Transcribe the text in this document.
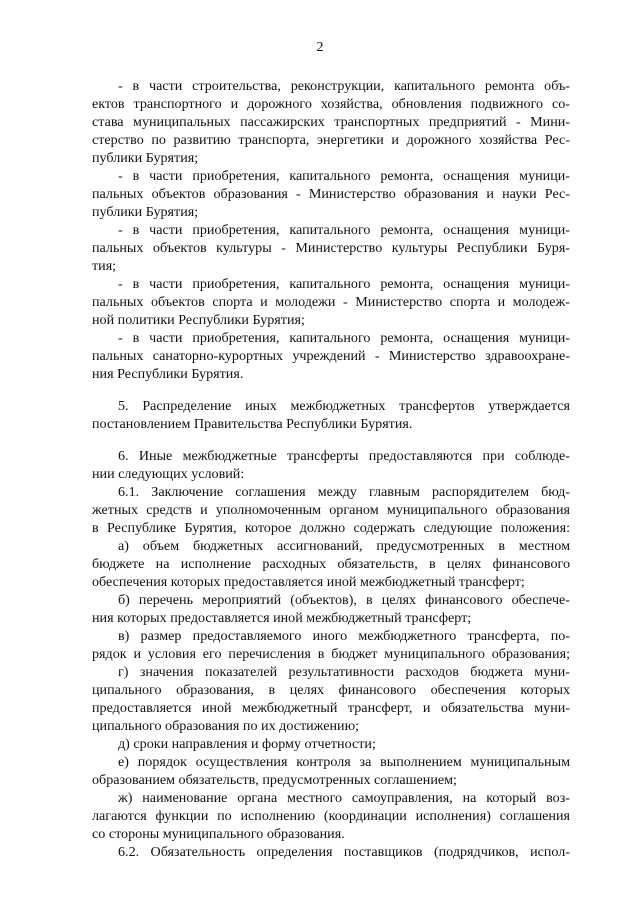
2
- в части строительства, реконструкции, капитального ремонта объ-
ектов транспортного и дорожного хозяйства, обновления подвижного со-
става муниципальных пассажирских транспортных предприятий - Мини-
стерство по развитию транспорта, энергетики и дорожного хозяйства Рес-
публики Бурятия;
- в части приобретения, капитального ремонта, оснащения муници-
пальных объектов образования - Министерство образования и науки Рес-
публики Бурятия;
- в части приобретения, капитального ремонта, оснащения муници-
пальных объектов культуры - Министерство культуры Республики Буря-
тия;
- в части приобретения, капитального ремонта, оснащения муници-
пальных объектов спорта и молодежи - Министерство спорта и молодеж-
ной политики Республики Бурятия;
- в части приобретения, капитального ремонта, оснащения муници-
пальных санаторно-курортных учреждений - Министерство здравоохране-
ния Республики Бурятия.
5. Распределение иных межбюджетных трансфертов утверждается
постановлением Правительства Республики Бурятия.
6. Иные межбюджетные трансферты предоставляются при соблюде-
нии следующих условий:
6.1. Заключение соглашения между главным распорядителем бюд-
жетных средств и уполномоченным органом муниципального образования
в Республике Бурятия, которое должно содержать следующие положения:
а) объем бюджетных ассигнований, предусмотренных в местном
бюджете на исполнение расходных обязательств, в целях финансового
обеспечения которых предоставляется иной межбюджетный трансферт;
б) перечень мероприятий (объектов), в целях финансового обеспече-
ния которых предоставляется иной межбюджетный трансферт;
в) размер предоставляемого иного межбюджетного трансферта, по-
рядок и условия его перечисления в бюджет муниципального образования;
г) значения показателей результативности расходов бюджета муни-
ципального образования, в целях финансового обеспечения которых
предоставляется иной межбюджетный трансферт, и обязательства муни-
ципального образования по их достижению;
д) сроки направления и форму отчетности;
е) порядок осуществления контроля за выполнением муниципальным
образованием обязательств, предусмотренных соглашением;
ж) наименование органа местного самоуправления, на который воз-
лагаются функции по исполнению (координации исполнения) соглашения
со стороны муниципального образования.
6.2. Обязательность определения поставщиков (подрядчиков, испол-
